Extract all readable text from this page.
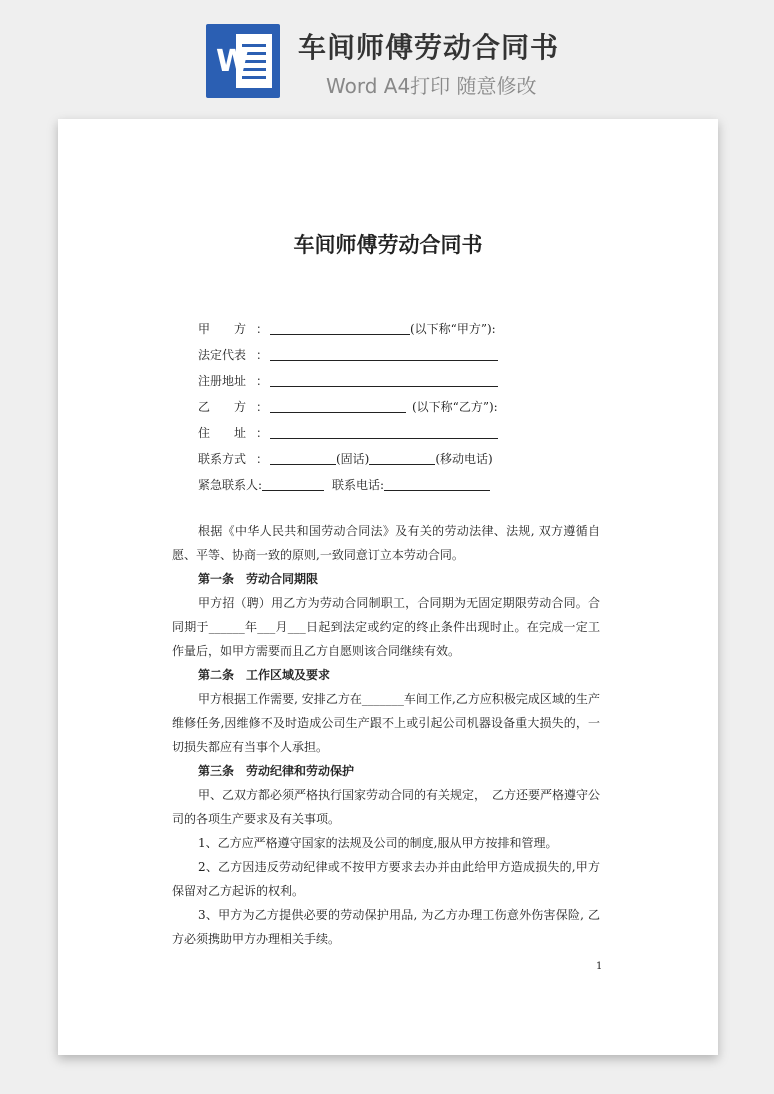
W 车间师傅劳动合同书
Word A4打印 随意修改
车间师傅劳动合同书
甲　　方 ：	(以下称“甲方”):
法定代表 ：
注册地址 ：
乙　　方 ：	(以下称“乙方”):
住　　址 ：
联系方式 ：	(固话)	(移动电话)
紧急联系人:	联系电话:

根据《中华人民共和国劳动合同法》及有关的劳动法律、法规, 双方遵循自愿、平等、协商一致的原则,一致同意订立本劳动合同。

第一条　劳动合同期限

甲方招（聘）用乙方为劳动合同制职工，合同期为无固定期限劳动合同。合同期于______年___月___日起到法定或约定的终止条件出现时止。在完成一定工作量后，如甲方需要而且乙方自愿则该合同继续有效。

第二条　工作区域及要求

甲方根据工作需要, 安排乙方在_______车间工作,乙方应积极完成区域的生产维修任务,因维修不及时造成公司生产跟不上或引起公司机器设备重大损失的，一切损失都应有当事个人承担。

第三条　劳动纪律和劳动保护

甲、乙双方都必须严格执行国家劳动合同的有关规定，　乙方还要严格遵守公司的各项生产要求及有关事项。

1、乙方应严格遵守国家的法规及公司的制度,服从甲方按排和管理。

2、乙方因违反劳动纪律或不按甲方要求去办并由此给甲方造成损失的,甲方保留对乙方起诉的权利。

3、甲方为乙方提供必要的劳动保护用品, 为乙方办理工伤意外伤害保险, 乙方必须携助甲方办理相关手续。

1
